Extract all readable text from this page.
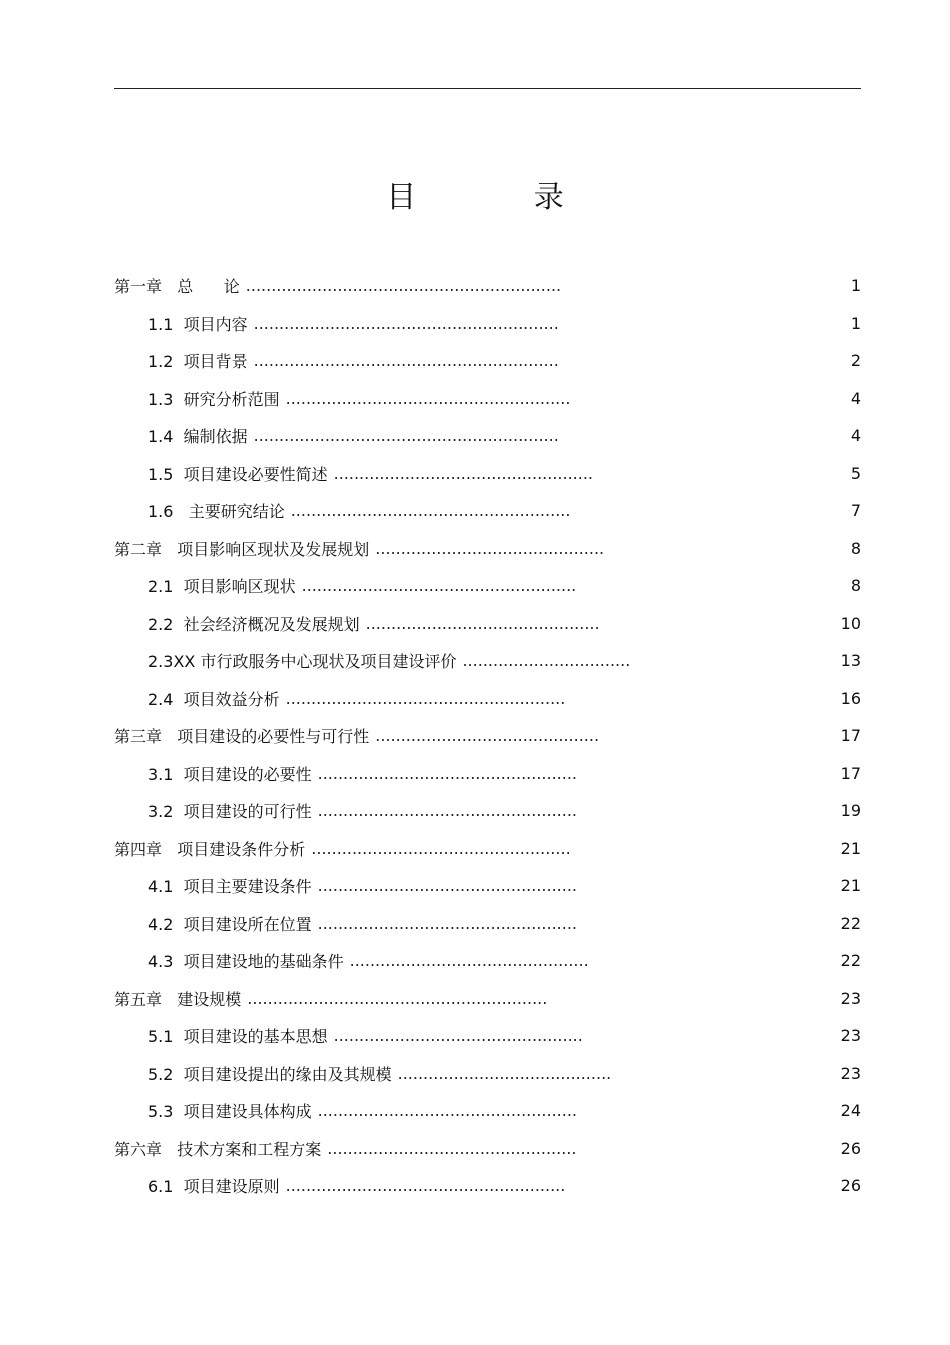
目 录
第一章   总      论 ..............................................................	1
1.1  项目内容 ............................................................	1
1.2  项目背景 ............................................................	2
1.3  研究分析范围 ........................................................	4
1.4  编制依据 ............................................................	4
1.5  项目建设必要性简述 ...................................................	5
1.6   主要研究结论 .......................................................	7
第二章   项目影响区现状及发展规划 .............................................	8
2.1  项目影响区现状 ......................................................	8
2.2  社会经济概况及发展规划 ..............................................	10
2.3XX 市行政服务中心现状及项目建设评价 .................................	13
2.4  项目效益分析 .......................................................	16
第三章   项目建设的必要性与可行性 ............................................	17
3.1  项目建设的必要性 ...................................................	17
3.2  项目建设的可行性 ...................................................	19
第四章   项目建设条件分析 ...................................................	21
4.1  项目主要建设条件 ...................................................	21
4.2  项目建设所在位置 ...................................................	22
4.3  项目建设地的基础条件 ...............................................	22
第五章   建设规模 ...........................................................	23
5.1  项目建设的基本思想 .................................................	23
5.2  项目建设提出的缘由及其规模 ..........................................	23
5.3  项目建设具体构成 ...................................................	24
第六章   技术方案和工程方案 .................................................	26
6.1  项目建设原则 .......................................................	26
